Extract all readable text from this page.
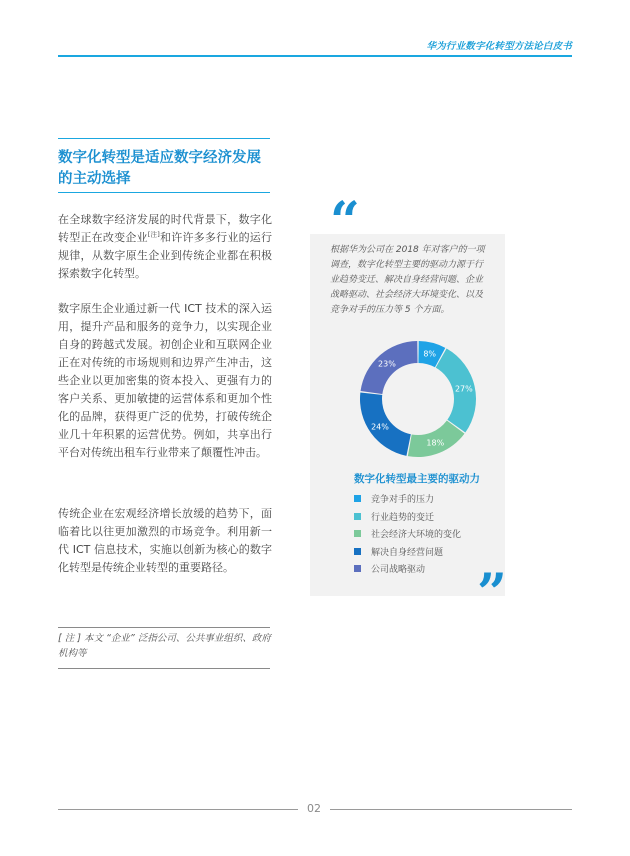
华为行业数字化转型方法论白皮书
数字化转型是适应数字经济发展
的主动选择
在全球数字经济发展的时代背景下，数字化转型正在改变企业[注]和许许多多行业的运行规律，从数字原生企业到传统企业都在积极探索数字化转型。
数字原生企业通过新一代 ICT 技术的深入运用，提升产品和服务的竞争力，以实现企业自身的跨越式发展。初创企业和互联网企业正在对传统的市场规则和边界产生冲击，这些企业以更加密集的资本投入、更强有力的客户关系、更加敏捷的运营体系和更加个性化的品牌，获得更广泛的优势，打破传统企业几十年积累的运营优势。例如，共享出行平台对传统出租车行业带来了颠覆性冲击。
传统企业在宏观经济增长放缓的趋势下，面临着比以往更加激烈的市场竞争。利用新一代 ICT 信息技术，实施以创新为核心的数字化转型是传统企业转型的重要路径。
[ 注 ] 本文 “企业” 泛指公司、公共事业组织、政府机构等
“
根据华为公司在 2018 年对客户的一项调查，数字化转型主要的驱动力源于行业趋势变迁、解决自身经营问题、企业战略驱动、社会经济大环境变化、以及竞争对手的压力等 5 个方面。
8%
27%
18%
24%
23%
数字化转型最主要的驱动力
竞争对手的压力
行业趋势的变迁
社会经济大环境的变化
解决自身经营问题
公司战略驱动 ”
02
